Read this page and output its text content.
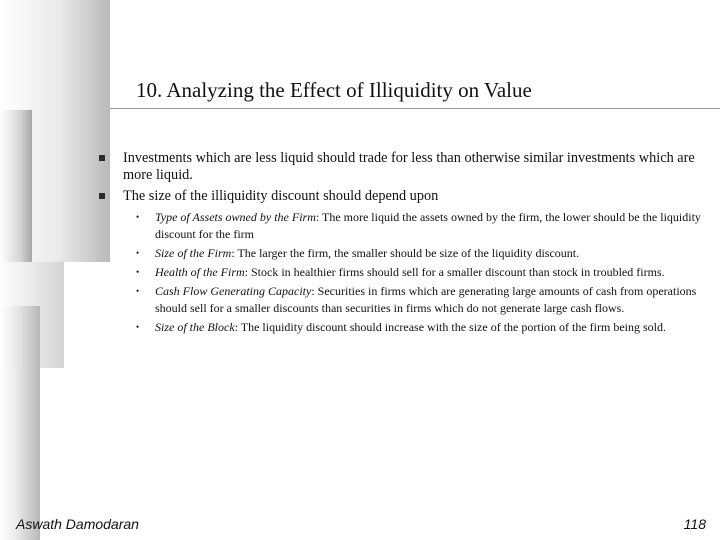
10. Analyzing the Effect of Illiquidity on Value
Investments which are less liquid should trade for less than otherwise similar investments which are more liquid.
The size of the illiquidity discount should depend upon
• Type of Assets owned by the Firm: The more liquid the assets owned by the firm, the lower should be the liquidity discount for the firm
• Size of the Firm: The larger the firm, the smaller should be size of the liquidity discount.
• Health of the Firm: Stock in healthier firms should sell for a smaller discount than stock in troubled firms.
• Cash Flow Generating Capacity: Securities in firms which are generating large amounts of cash from operations should sell for a smaller discounts than securities in firms which do not generate large cash flows.
• Size of the Block: The liquidity discount should increase with the size of the portion of the firm being sold.
Aswath Damodaran	118
